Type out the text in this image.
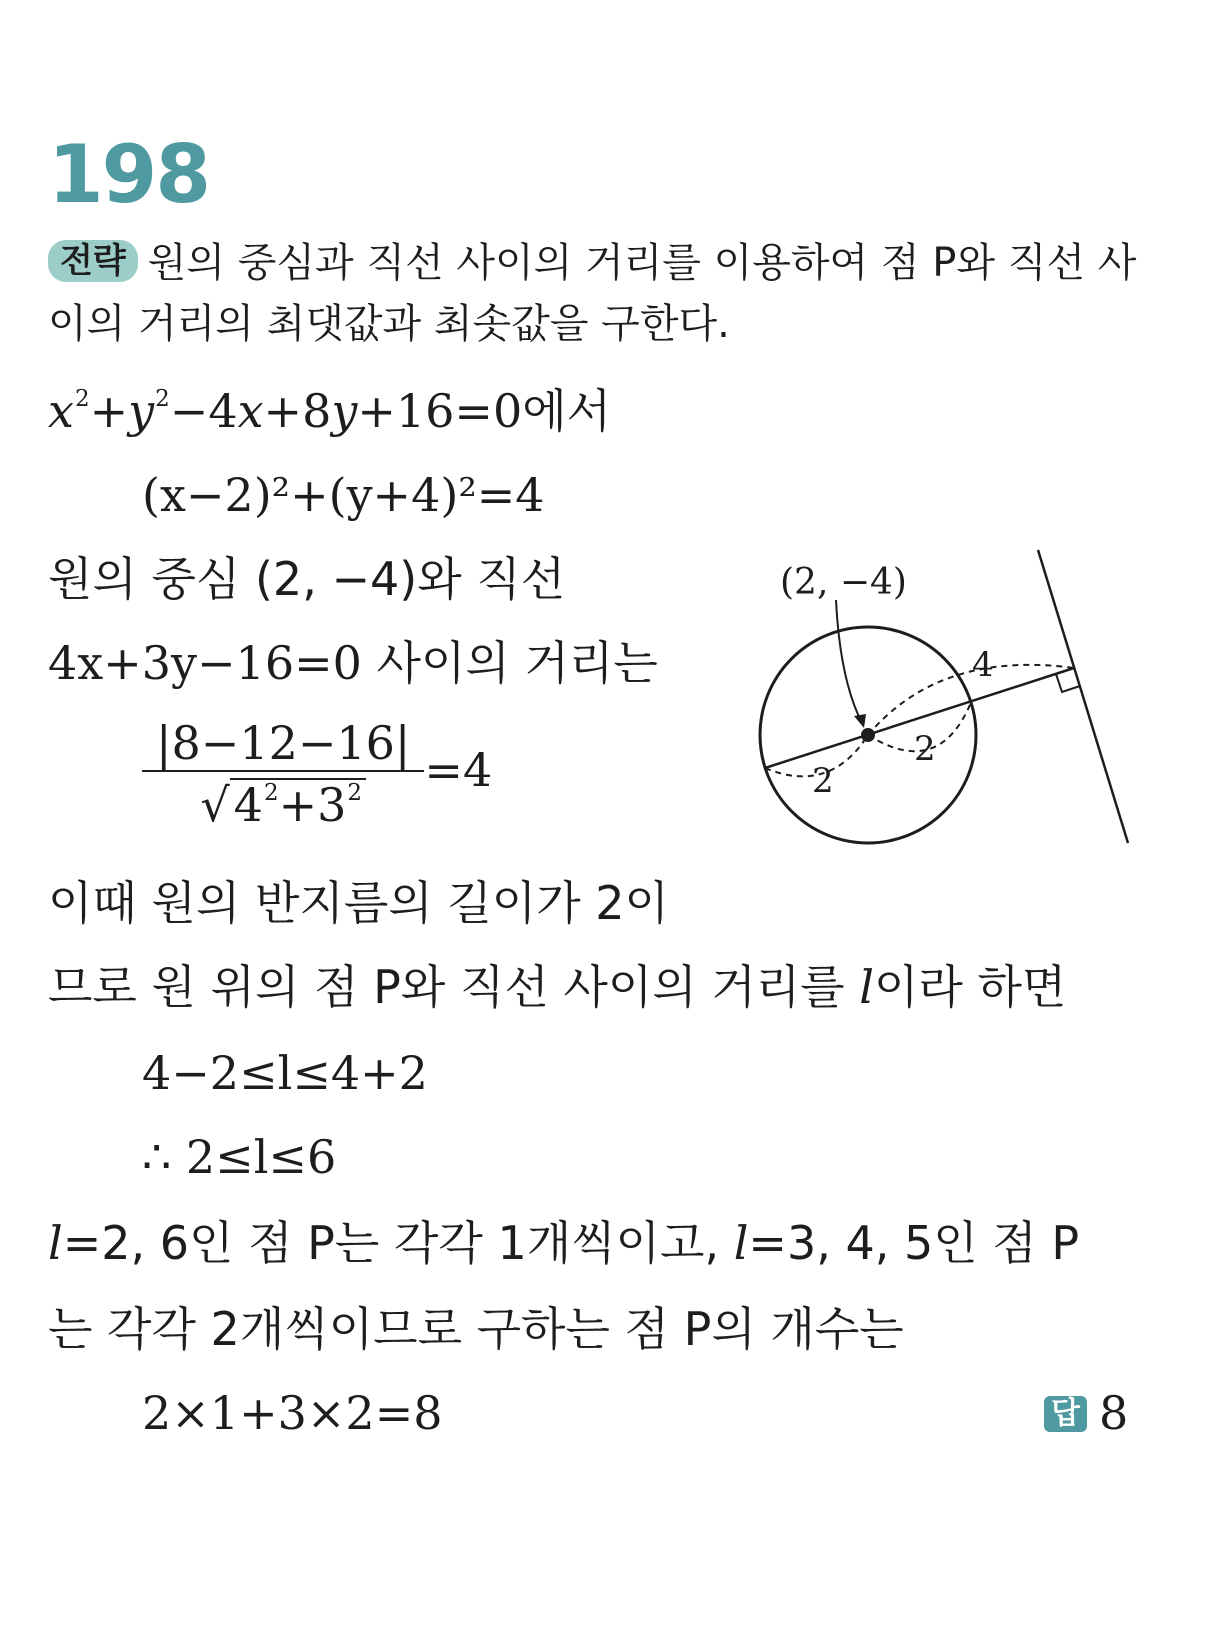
198
전략 원의 중심과 직선 사이의 거리를 이용하여 점 P와 직선 사
이의 거리의 최댓값과 최솟값을 구한다.
$x^2+y^2-4x+8y+16=0$에서
(x−2)²+(y+4)²=4
원의 중심 (2, −4)와 직선
4x+3y−16=0 사이의 거리는
$\frac{|8-12-16|}{√4^2+3^2} =4$
이때 원의 반지름의 길이가 2이
므로 원 위의 점 P와 직선 사이의 거리를 l이라 하면
4−2≤l≤4+2
∴ 2≤l≤6
l=2, 6인 점 P는 각각 1개씩이고, l=3, 4, 5인 점 P
는 각각 2개씩이므로 구하는 점 P의 개수는
2×1+3×2=8	답 8
(2, −4)
4
2
2
